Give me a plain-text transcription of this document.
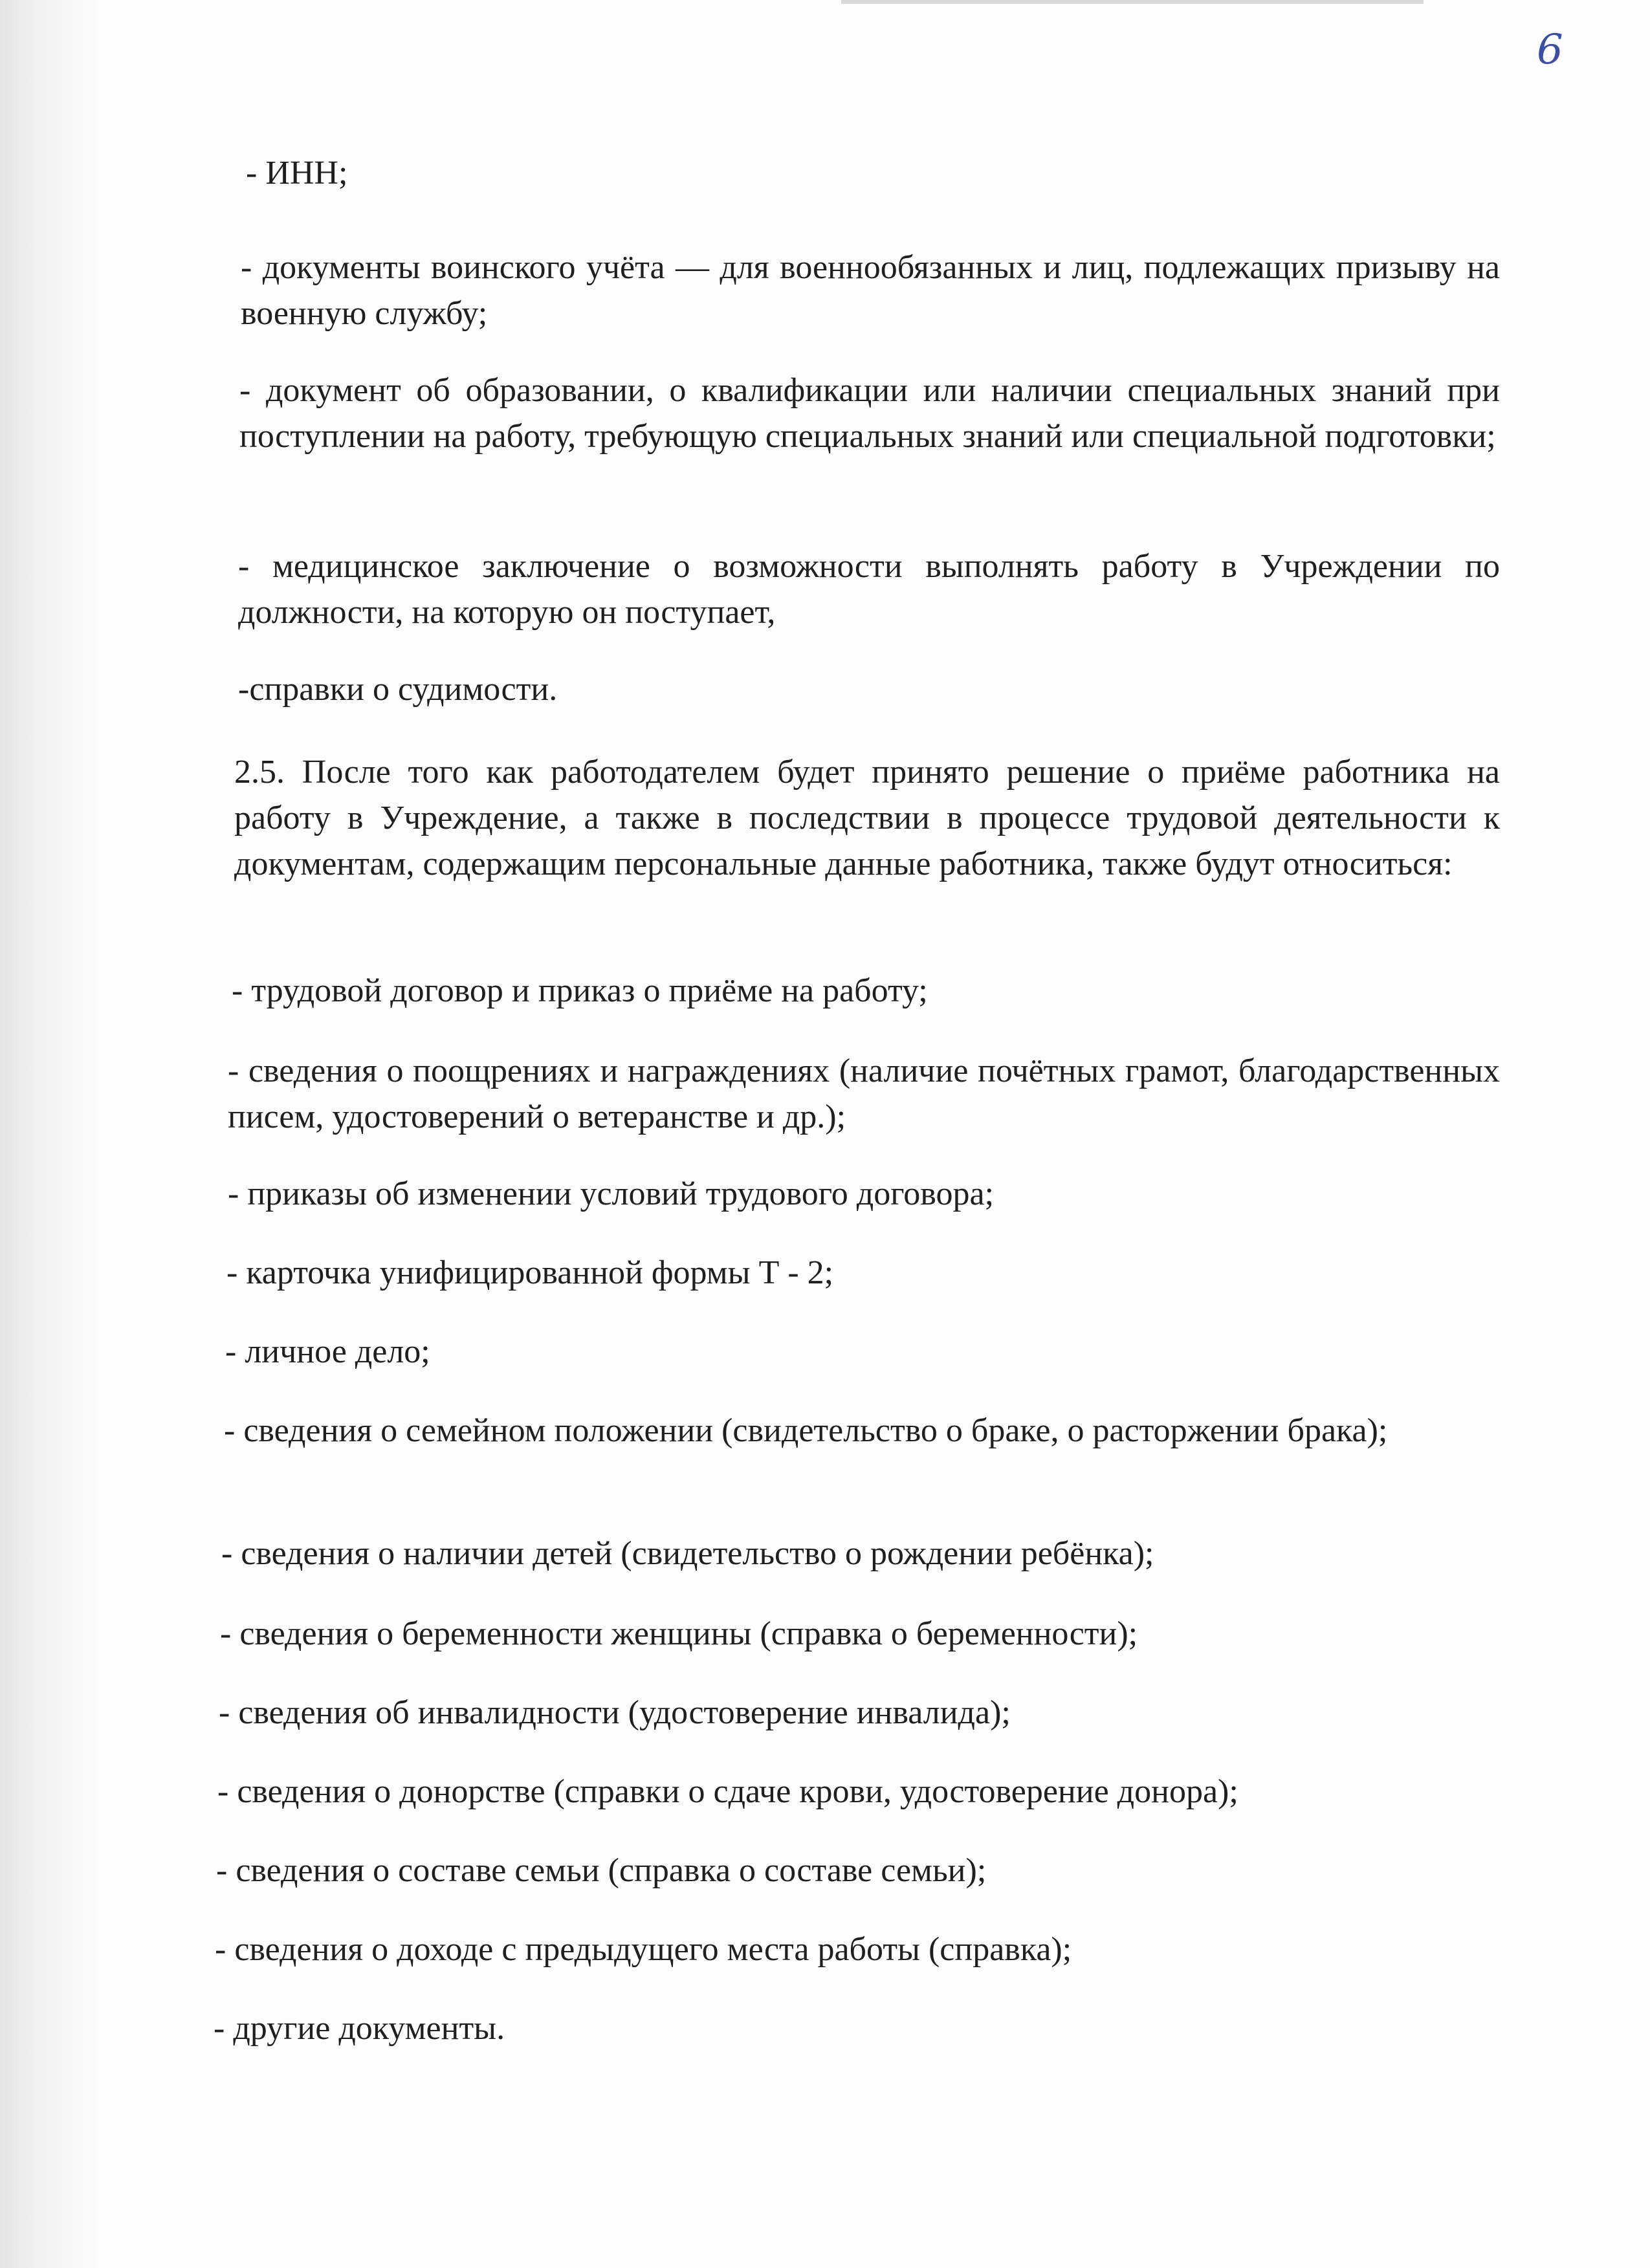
6
- ИНН;
- документы воинского учёта — для военнообязанных и лиц, подлежащих призыву на военную службу;
- документ об образовании, о квалификации или наличии специальных знаний при поступлении на работу, требующую специальных знаний или специальной подготовки;
- медицинское заключение о возможности выполнять работу в Учреждении по должности, на которую он поступает,
-справки о судимости.
2.5. После того как работодателем будет принято решение о приёме работника на работу в Учреждение, а также в последствии в процессе трудовой деятельности к документам, содержащим персональные данные работника, также будут относиться:
- трудовой договор и приказ о приёме на работу;
- сведения о поощрениях и награждениях (наличие почётных грамот, благодарственных писем, удостоверений о ветеранстве и др.);
- приказы об изменении условий трудового договора;
- карточка унифицированной формы Т - 2;
- личное дело;
- сведения о семейном положении (свидетельство о браке, о расторжении брака);
- сведения о наличии детей (свидетельство о рождении ребёнка);
- сведения о беременности женщины (справка о беременности);
- сведения об инвалидности (удостоверение инвалида);
- сведения о донорстве (справки о сдаче крови, удостоверение донора);
- сведения о составе семьи (справка о составе семьи);
- сведения о доходе с предыдущего места работы (справка);
- другие документы.
